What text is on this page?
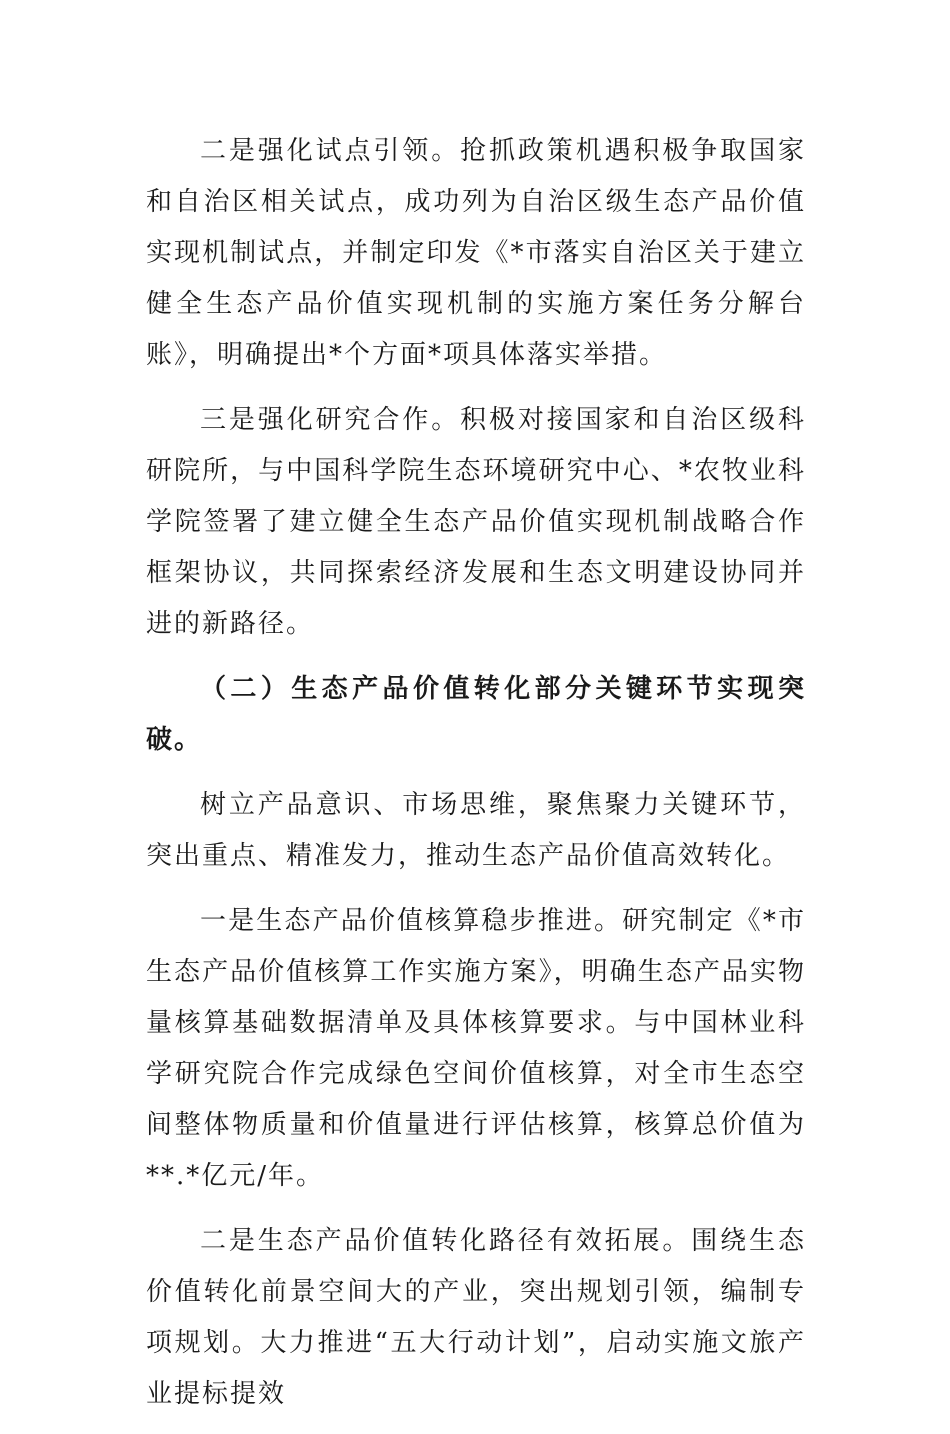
二是强化试点引领。抢抓政策机遇积极争取国家和自治区相关试点，成功列为自治区级生态产品价值实现机制试点，并制定印发《*市落实自治区关于建立健全生态产品价值实现机制的实施方案任务分解台账》，明确提出*个方面*项具体落实举措。

三是强化研究合作。积极对接国家和自治区级科研院所，与中国科学院生态环境研究中心、*农牧业科学院签署了建立健全生态产品价值实现机制战略合作框架协议，共同探索经济发展和生态文明建设协同并进的新路径。

（二）生态产品价值转化部分关键环节实现突破。

树立产品意识、市场思维，聚焦聚力关键环节，突出重点、精准发力，推动生态产品价值高效转化。

一是生态产品价值核算稳步推进。研究制定《*市生态产品价值核算工作实施方案》，明确生态产品实物量核算基础数据清单及具体核算要求。与中国林业科学研究院合作完成绿色空间价值核算，对全市生态空间整体物质量和价值量进行评估核算，核算总价值为**.*亿元/年。

二是生态产品价值转化路径有效拓展。围绕生态价值转化前景空间大的产业，突出规划引领，编制专项规划。大力推进“五大行动计划”，启动实施文旅产业提标提效
